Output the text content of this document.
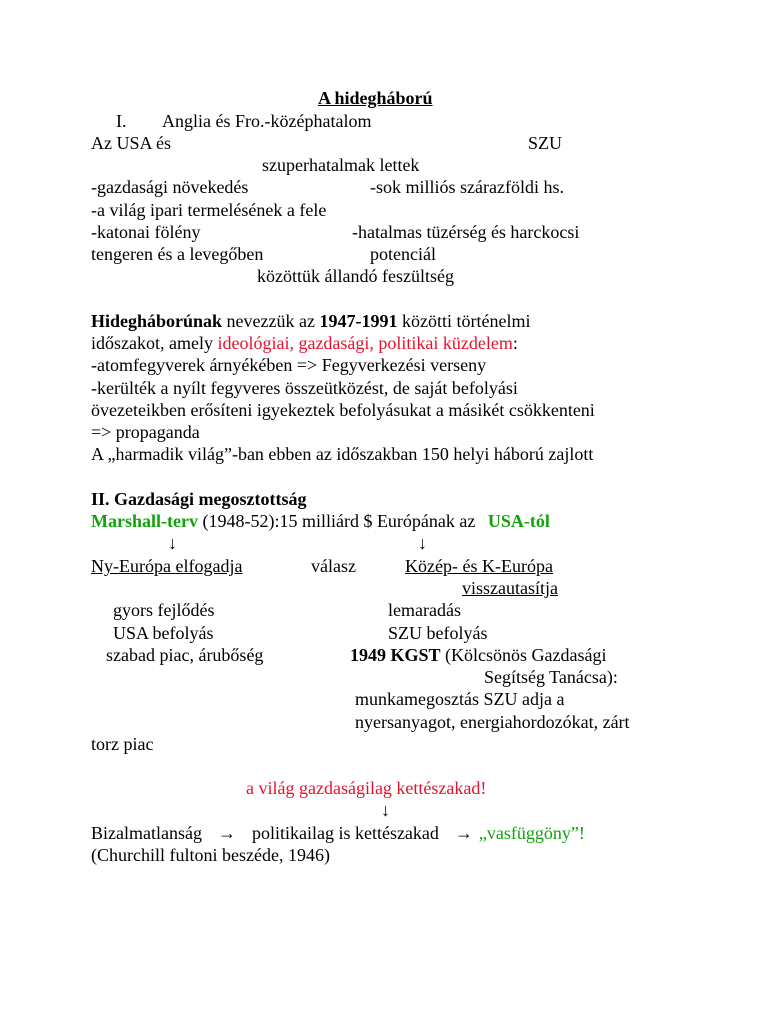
A hidegháború
I. Anglia és Fro.-középhatalom
Az USA és	SZU
szuperhatalmak lettek
-gazdasági növekedés	-sok milliós szárazföldi hs.
-a világ ipari termelésének a fele
-katonai fölény	-hatalmas tüzérség és harckocsi
tengeren és a levegőben	potenciál
közöttük állandó feszültség
Hidegháborúnak nevezzük az 1947-1991 közötti történelmi
időszakot, amely ideológiai, gazdasági, politikai küzdelem:
-atomfegyverek árnyékében => Fegyverkezési verseny
-kerülték a nyílt fegyveres összeütközést, de saját befolyási
övezeteikben erősíteni igyekeztek befolyásukat a másikét csökkenteni
=> propaganda
A „harmadik világ”-ban ebben az időszakban 150 helyi háború zajlott
II. Gazdasági megosztottság
Marshall-terv (1948-52):15 milliárd $ Európának az USA-tól
↓	↓
Ny-Európa elfogadja	válasz	Közép- és K-Európa
visszautasítja
gyors fejlődés	lemaradás
USA befolyás	SZU befolyás
szabad piac, árubőség	1949 KGST (Kölcsönös Gazdasági
Segítség Tanácsa):
munkamegosztás SZU adja a
nyersanyagot, energiahordozókat, zárt
torz piac
a világ gazdaságilag kettészakad!
↓
Bizalmatlanság → politikailag is kettészakad → „vasfüggöny”!
(Churchill fultoni beszéde, 1946)
